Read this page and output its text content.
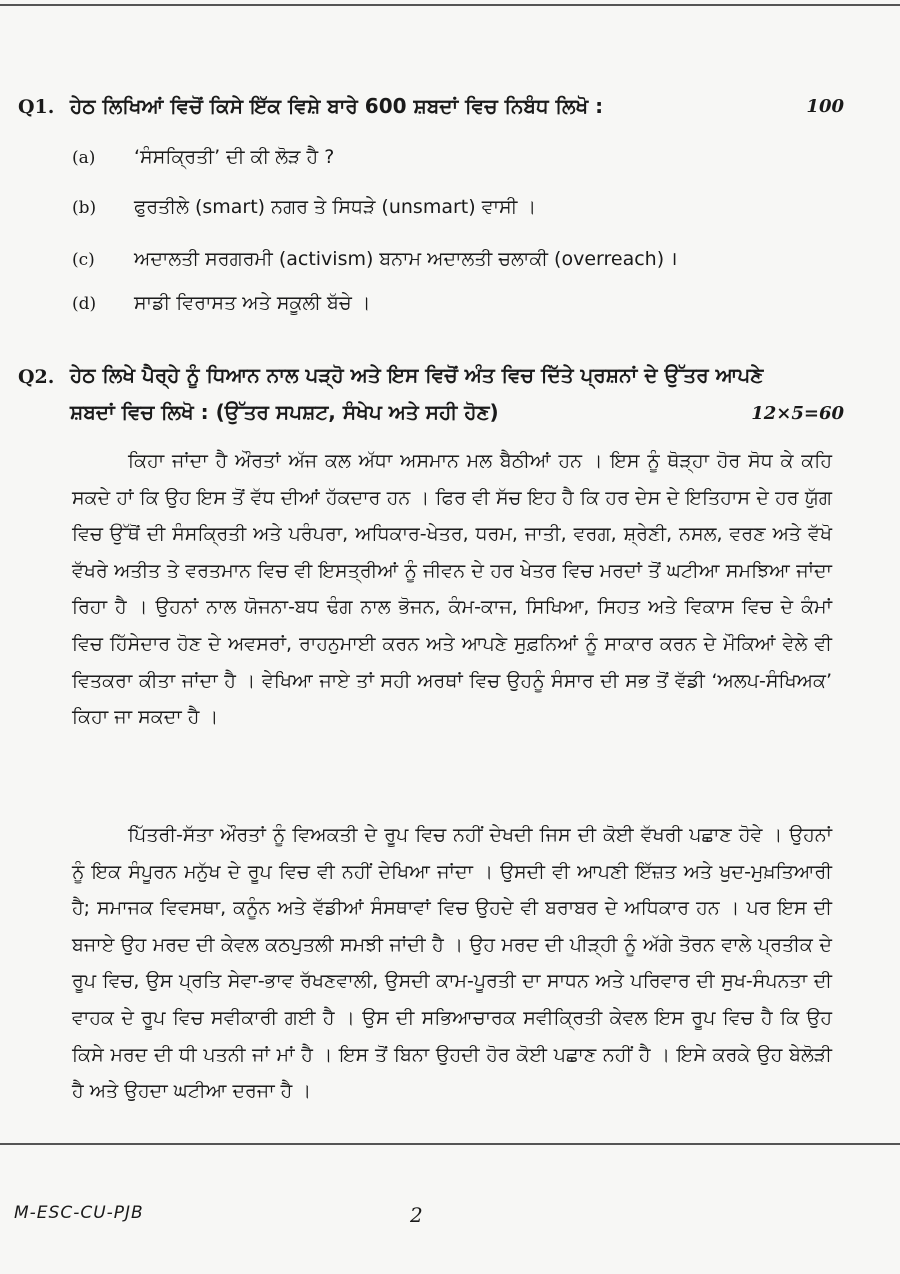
Q1. ਹੇਠ ਲਿਖਿਆਂ ਵਿਚੋਂ ਕਿਸੇ ਇੱਕ ਵਿਸ਼ੇ ਬਾਰੇ 600 ਸ਼ਬਦਾਂ ਵਿਚ ਨਿਬੰਧ ਲਿਖੋ :	100
(a) ‘ਸੰਸਕ੍ਰਿਤੀ’ ਦੀ ਕੀ ਲੋੜ ਹੈ ?
(b) ਫੁਰਤੀਲੇ (smart) ਨਗਰ ਤੇ ਸਿਧੜੇ (unsmart) ਵਾਸੀ ।
(c) ਅਦਾਲਤੀ ਸਰਗਰਮੀ (activism) ਬਨਾਮ ਅਦਾਲਤੀ ਚਲਾਕੀ (overreach) ।
(d) ਸਾਡੀ ਵਿਰਾਸਤ ਅਤੇ ਸਕੂਲੀ ਬੱਚੇ ।
Q2. ਹੇਠ ਲਿਖੇ ਪੈਰ੍ਹੇ ਨੂੰ ਧਿਆਨ ਨਾਲ ਪੜ੍ਹੋ ਅਤੇ ਇਸ ਵਿਚੋਂ ਅੰਤ ਵਿਚ ਦਿੱਤੇ ਪ੍ਰਸ਼ਨਾਂ ਦੇ ਉੱਤਰ ਆਪਣੇ
ਸ਼ਬਦਾਂ ਵਿਚ ਲਿਖੋ : (ਉੱਤਰ ਸਪਸ਼ਟ, ਸੰਖੇਪ ਅਤੇ ਸਹੀ ਹੋਣ)	12×5=60

ਕਿਹਾ ਜਾਂਦਾ ਹੈ ਔਰਤਾਂ ਅੱਜ ਕਲ ਅੱਧਾ ਅਸਮਾਨ ਮਲ ਬੈਠੀਆਂ ਹਨ । ਇਸ ਨੂੰ ਥੋੜ੍ਹਾ ਹੋਰ ਸੋਧ ਕੇ ਕਹਿ ਸਕਦੇ ਹਾਂ ਕਿ ਉਹ ਇਸ ਤੋਂ ਵੱਧ ਦੀਆਂ ਹੱਕਦਾਰ ਹਨ । ਫਿਰ ਵੀ ਸੱਚ ਇਹ ਹੈ ਕਿ ਹਰ ਦੇਸ ਦੇ ਇਤਿਹਾਸ ਦੇ ਹਰ ਯੁੱਗ ਵਿਚ ਉੱਥੋਂ ਦੀ ਸੰਸਕ੍ਰਿਤੀ ਅਤੇ ਪਰੰਪਰਾ, ਅਧਿਕਾਰ-ਖੇਤਰ, ਧਰਮ, ਜਾਤੀ, ਵਰਗ, ਸ਼੍ਰੇਣੀ, ਨਸਲ, ਵਰਣ ਅਤੇ ਵੱਖੋ ਵੱਖਰੇ ਅਤੀਤ ਤੇ ਵਰਤਮਾਨ ਵਿਚ ਵੀ ਇਸਤ੍ਰੀਆਂ ਨੂੰ ਜੀਵਨ ਦੇ ਹਰ ਖੇਤਰ ਵਿਚ ਮਰਦਾਂ ਤੋਂ ਘਟੀਆ ਸਮਝਿਆ ਜਾਂਦਾ ਰਿਹਾ ਹੈ । ਉਹਨਾਂ ਨਾਲ ਯੋਜਨਾ-ਬਧ ਢੰਗ ਨਾਲ ਭੋਜਨ, ਕੰਮ-ਕਾਜ, ਸਿਖਿਆ, ਸਿਹਤ ਅਤੇ ਵਿਕਾਸ ਵਿਚ ਦੇ ਕੰਮਾਂ ਵਿਚ ਹਿੱਸੇਦਾਰ ਹੋਣ ਦੇ ਅਵਸਰਾਂ, ਰਾਹਨੁਮਾਈ ਕਰਨ ਅਤੇ ਆਪਣੇ ਸੁਫ਼ਨਿਆਂ ਨੂੰ ਸਾਕਾਰ ਕਰਨ ਦੇ ਮੌਕਿਆਂ ਵੇਲੇ ਵੀ ਵਿਤਕਰਾ ਕੀਤਾ ਜਾਂਦਾ ਹੈ । ਵੇਖਿਆ ਜਾਏ ਤਾਂ ਸਹੀ ਅਰਥਾਂ ਵਿਚ ਉਹਨੂੰ ਸੰਸਾਰ ਦੀ ਸਭ ਤੋਂ ਵੱਡੀ ‘ਅਲਪ-ਸੰਖਿਅਕ’ ਕਿਹਾ ਜਾ ਸਕਦਾ ਹੈ ।

ਪਿੱਤਰੀ-ਸੱਤਾ ਔਰਤਾਂ ਨੂੰ ਵਿਅਕਤੀ ਦੇ ਰੂਪ ਵਿਚ ਨਹੀਂ ਦੇਖਦੀ ਜਿਸ ਦੀ ਕੋਈ ਵੱਖਰੀ ਪਛਾਣ ਹੋਵੇ । ਉਹਨਾਂ ਨੂੰ ਇਕ ਸੰਪੂਰਨ ਮਨੁੱਖ ਦੇ ਰੂਪ ਵਿਚ ਵੀ ਨਹੀਂ ਦੇਖਿਆ ਜਾਂਦਾ । ਉਸਦੀ ਵੀ ਆਪਣੀ ਇੱਜ਼ਤ ਅਤੇ ਖੁਦ-ਮੁਖ਼ਤਿਆਰੀ ਹੈ; ਸਮਾਜਕ ਵਿਵਸਥਾ, ਕਨੂੰਨ ਅਤੇ ਵੱਡੀਆਂ ਸੰਸਥਾਵਾਂ ਵਿਚ ਉਹਦੇ ਵੀ ਬਰਾਬਰ ਦੇ ਅਧਿਕਾਰ ਹਨ । ਪਰ ਇਸ ਦੀ ਬਜਾਏ ਉਹ ਮਰਦ ਦੀ ਕੇਵਲ ਕਠਪੁਤਲੀ ਸਮਝੀ ਜਾਂਦੀ ਹੈ । ਉਹ ਮਰਦ ਦੀ ਪੀੜ੍ਹੀ ਨੂੰ ਅੱਗੇ ਤੋਰਨ ਵਾਲੇ ਪ੍ਰਤੀਕ ਦੇ ਰੂਪ ਵਿਚ, ਉਸ ਪ੍ਰਤਿ ਸੇਵਾ-ਭਾਵ ਰੱਖਣਵਾਲੀ, ਉਸਦੀ ਕਾਮ-ਪੂਰਤੀ ਦਾ ਸਾਧਨ ਅਤੇ ਪਰਿਵਾਰ ਦੀ ਸੁਖ-ਸੰਪਨਤਾ ਦੀ ਵਾਹਕ ਦੇ ਰੂਪ ਵਿਚ ਸਵੀਕਾਰੀ ਗਈ ਹੈ । ਉਸ ਦੀ ਸਭਿਆਚਾਰਕ ਸਵੀਕ੍ਰਿਤੀ ਕੇਵਲ ਇਸ ਰੂਪ ਵਿਚ ਹੈ ਕਿ ਉਹ ਕਿਸੇ ਮਰਦ ਦੀ ਧੀ ਪਤਨੀ ਜਾਂ ਮਾਂ ਹੈ । ਇਸ ਤੋਂ ਬਿਨਾ ਉਹਦੀ ਹੋਰ ਕੋਈ ਪਛਾਣ ਨਹੀਂ ਹੈ । ਇਸੇ ਕਰਕੇ ਉਹ ਬੇਲੋੜੀ ਹੈ ਅਤੇ ਉਹਦਾ ਘਟੀਆ ਦਰਜਾ ਹੈ ।

M-ESC-CU-PJB	2
